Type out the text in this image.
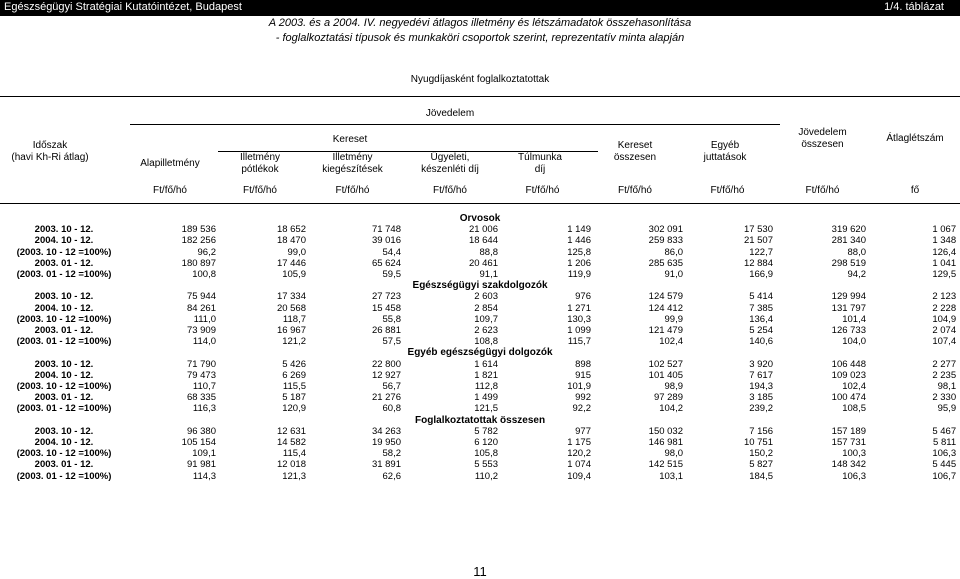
Egészségügyi Stratégiai Kutatóintézet, Budapest	1/4. táblázat
A 2003. és a 2004. IV. negyedévi átlagos illetmény és létszámadatok összehasonlítása
- foglalkoztatási típusok és munkaköri csoportok szerint, reprezentatív minta alapján
Nyugdíjasként foglalkoztatottak
Jövedelem
Kereset
Időszak
(havi Kh-Ri átlag)
Alapilletmény
Illetmény
pótlékok
Illetmény
kiegészítések
Ügyeleti,
készenléti díj
Túlmunka
díj
Kereset
összesen
Egyéb
juttatások
Jövedelem
összesen
Átlaglétszám
Ft/fő/hó	Ft/fő/hó	Ft/fő/hó	Ft/fő/hó	Ft/fő/hó	Ft/fő/hó	Ft/fő/hó	Ft/fő/hó	fő
Orvosok									
2003. 10 - 12.	189 536	18 652	71 748	21 006	1 149	302 091	17 530	319 620	1 067
2004. 10 - 12.	182 256	18 470	39 016	18 644	1 446	259 833	21 507	281 340	1 348
(2003. 10 - 12 =100%)	96,2	99,0	54,4	88,8	125,8	86,0	122,7	88,0	126,4
2003. 01 - 12.	180 897	17 446	65 624	20 461	1 206	285 635	12 884	298 519	1 041
(2003. 01 - 12 =100%)	100,8	105,9	59,5	91,1	119,9	91,0	166,9	94,2	129,5
Egészségügyi szakdolgozók									
2003. 10 - 12.	75 944	17 334	27 723	2 603	976	124 579	5 414	129 994	2 123
2004. 10 - 12.	84 261	20 568	15 458	2 854	1 271	124 412	7 385	131 797	2 228
(2003. 10 - 12 =100%)	111,0	118,7	55,8	109,7	130,3	99,9	136,4	101,4	104,9
2003. 01 - 12.	73 909	16 967	26 881	2 623	1 099	121 479	5 254	126 733	2 074
(2003. 01 - 12 =100%)	114,0	121,2	57,5	108,8	115,7	102,4	140,6	104,0	107,4
Egyéb egészségügyi dolgozók									
2003. 10 - 12.	71 790	5 426	22 800	1 614	898	102 527	3 920	106 448	2 277
2004. 10 - 12.	79 473	6 269	12 927	1 821	915	101 405	7 617	109 023	2 235
(2003. 10 - 12 =100%)	110,7	115,5	56,7	112,8	101,9	98,9	194,3	102,4	98,1
2003. 01 - 12.	68 335	5 187	21 276	1 499	992	97 289	3 185	100 474	2 330
(2003. 01 - 12 =100%)	116,3	120,9	60,8	121,5	92,2	104,2	239,2	108,5	95,9
Foglalkoztatottak összesen									
2003. 10 - 12.	96 380	12 631	34 263	5 782	977	150 032	7 156	157 189	5 467
2004. 10 - 12.	105 154	14 582	19 950	6 120	1 175	146 981	10 751	157 731	5 811
(2003. 10 - 12 =100%)	109,1	115,4	58,2	105,8	120,2	98,0	150,2	100,3	106,3
2003. 01 - 12.	91 981	12 018	31 891	5 553	1 074	142 515	5 827	148 342	5 445
(2003. 01 - 12 =100%)	114,3	121,3	62,6	110,2	109,4	103,1	184,5	106,3	106,7
11
